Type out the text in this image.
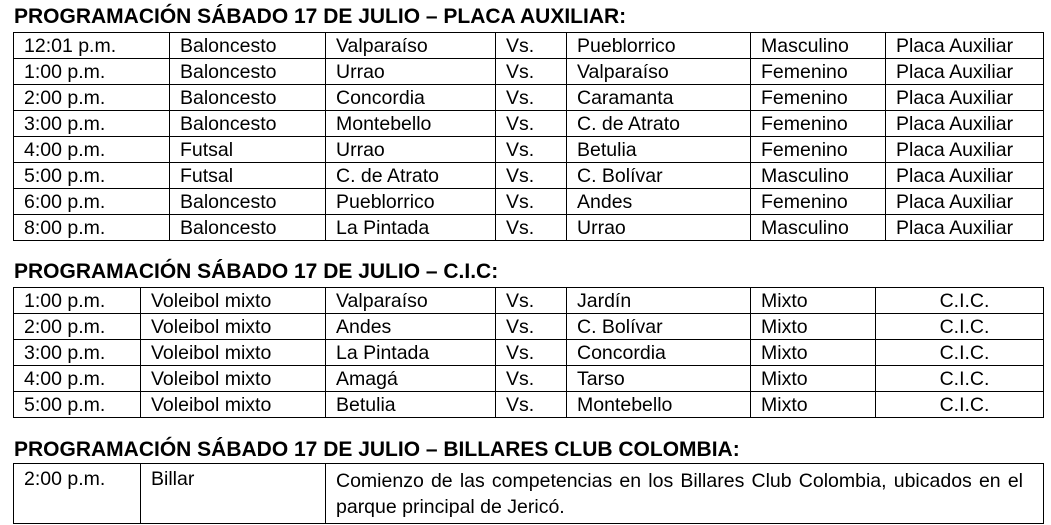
PROGRAMACIÓN SÁBADO 17 DE JULIO – PLACA AUXILIAR:
12:01 p.m.	Baloncesto	Valparaíso	Vs.	Pueblorrico	Masculino	Placa Auxiliar
1:00 p.m.	Baloncesto	Urrao	Vs.	Valparaíso	Femenino	Placa Auxiliar
2:00 p.m.	Baloncesto	Concordia	Vs.	Caramanta	Femenino	Placa Auxiliar
3:00 p.m.	Baloncesto	Montebello	Vs.	C. de Atrato	Femenino	Placa Auxiliar
4:00 p.m.	Futsal	Urrao	Vs.	Betulia	Femenino	Placa Auxiliar
5:00 p.m.	Futsal	C. de Atrato	Vs.	C. Bolívar	Masculino	Placa Auxiliar
6:00 p.m.	Baloncesto	Pueblorrico	Vs.	Andes	Femenino	Placa Auxiliar
8:00 p.m.	Baloncesto	La Pintada	Vs.	Urrao	Masculino	Placa Auxiliar
PROGRAMACIÓN SÁBADO 17 DE JULIO – C.I.C:
1:00 p.m.	Voleibol mixto	Valparaíso	Vs.	Jardín	Mixto	C.I.C.
2:00 p.m.	Voleibol mixto	Andes	Vs.	C. Bolívar	Mixto	C.I.C.
3:00 p.m.	Voleibol mixto	La Pintada	Vs.	Concordia	Mixto	C.I.C.
4:00 p.m.	Voleibol mixto	Amagá	Vs.	Tarso	Mixto	C.I.C.
5:00 p.m.	Voleibol mixto	Betulia	Vs.	Montebello	Mixto	C.I.C.
PROGRAMACIÓN SÁBADO 17 DE JULIO – BILLARES CLUB COLOMBIA:
2:00 p.m.	Billar	Comienzo de las competencias en los Billares Club Colombia, ubicados en el parque principal de Jericó.
